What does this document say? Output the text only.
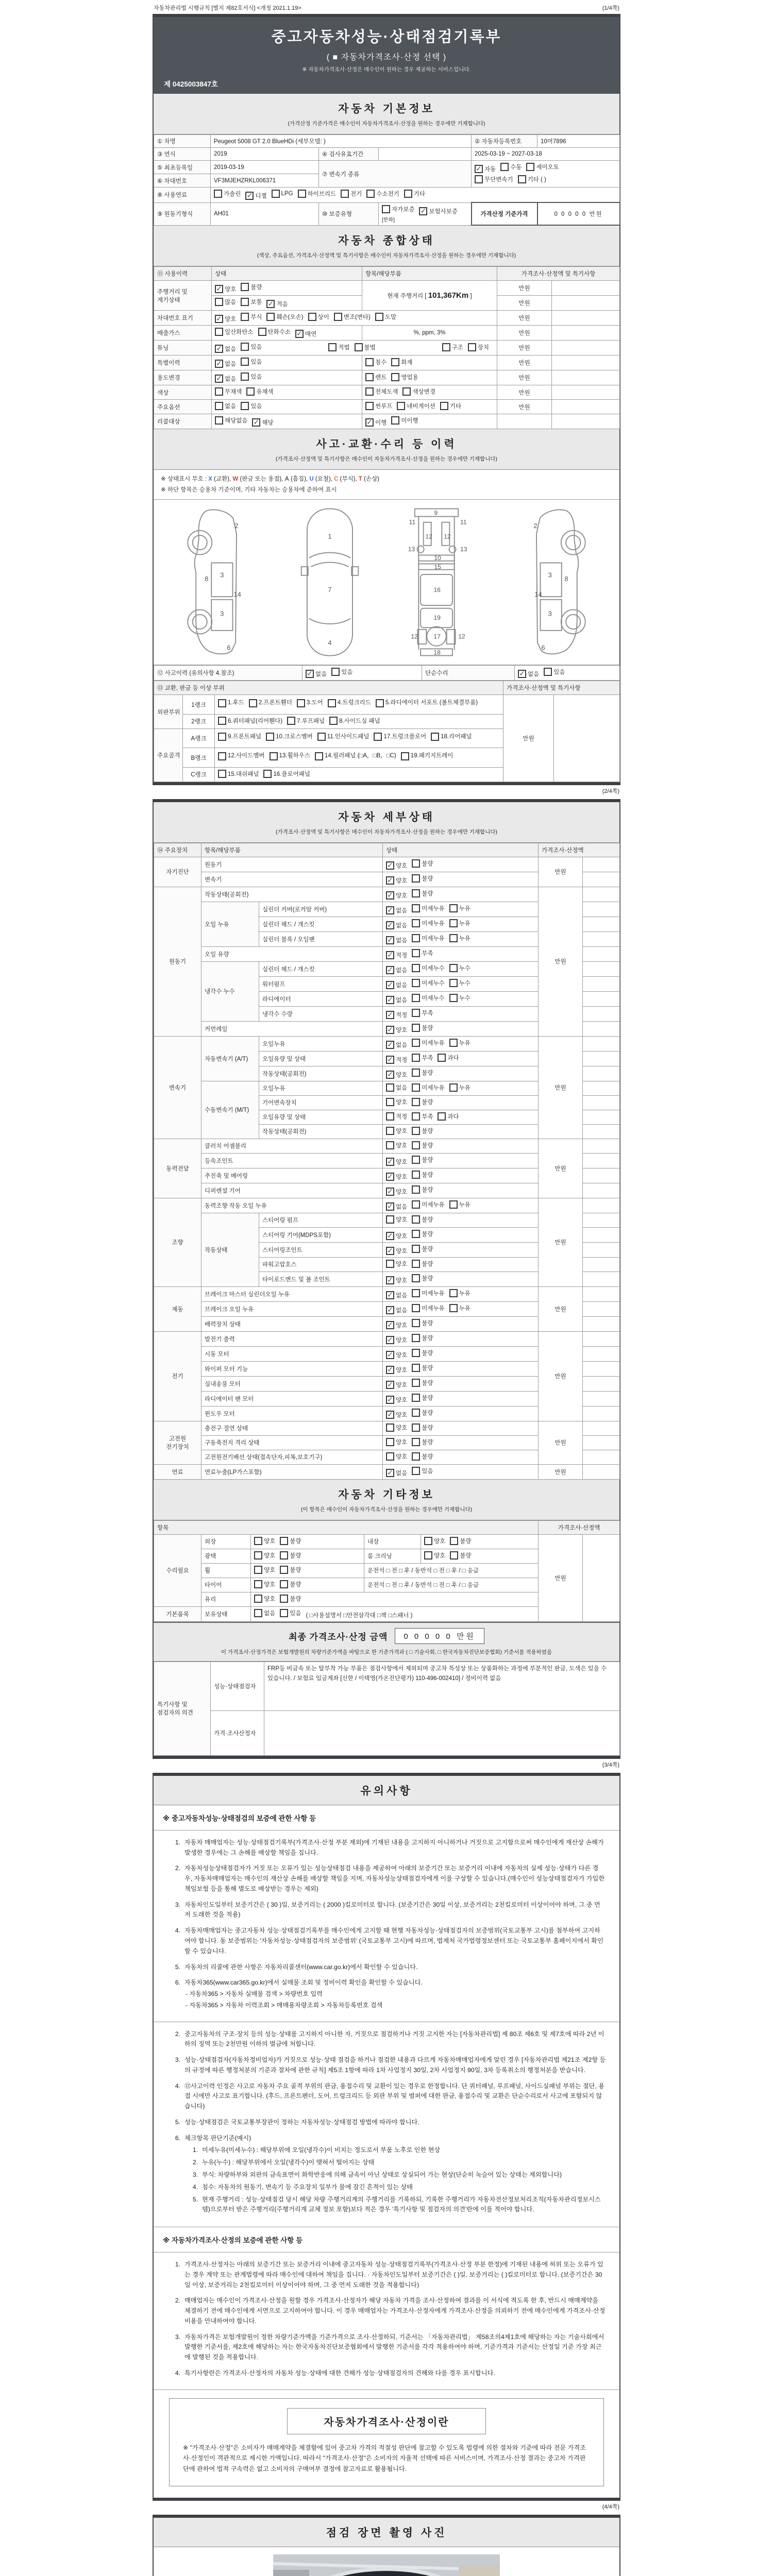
자동차관리법 시행규칙 [별지 제82호서식] <개정 2021.1.19>	(1/4쪽)
중고자동차성능·상태점검기록부
( ■ 자동차가격조사·산정 선택 )
※ 자동차가격조사·산정은 매수인이 원하는 경우 제공하는 서비스입니다.
제 0425003847호
자동차 기본정보
(가격산정 기준가격은 매수인이 자동차가격조사·산정을 원하는 경우에만 기재합니다)
① 차명	Peugeot 5008 GT 2.0 BlueHDi (세부모델: )			② 자동차등록번호	10머7896
③ 연식	2019	④ 검사유효기간		2025-03-19 ~ 2027-03-18	
⑤ 최초등록일	2019-03-19	⑦ 변속기 종류	
✓ 자동 수동 세미오토
무단변속기 기타 ( )

⑥ 차대번호	VF3MJEHZRKL006371				
⑧ 사용연료	가솔린 ✓ 디젤 LPG 하이브리드 전기 수소전기 기타

⑨ 원동기형식	AH01	⑩ 보증유형	자가보증 ✓ 보험사보증
[한화]	가격산정 기준가격	0 0 0 0 0 만원
자동차 종합상태
(색상, 주요옵션, 가격조사·산정액 및 특기사항은 매수인이 자동차가격조사·산정을 원하는 경우에만 기재합니다)
⑪ 사용이력	상태	항목/해당부품	가격조사·산정액 및 특기사항	
주행거리 및 계기상태	✓ 양호 불량	현재 주행거리 [ 101,367Km ]	만원	

	많음 보통 ✓ 적음		만원	
차대번호 표기	✓ 양호 부식 훼손(오손) 상이 변조(변타) 도말	만원	
배출가스	일산화탄소 탄화수소 ✓ 매연	%, ppm, 3%	만원	
튜닝	✓ 없음 있음	적법 불법	구조 장치	만원	
특별이력	✓ 없음 있음	침수 화재	만원	
용도변경	✓ 없음 있음	렌트 영업용	만원	
색상	무채색 유채색	전체도색 색상변경	만원	
주요옵션	없음 있음	썬루프 네비게이션 기타	만원	
리콜대상	해당없음 ✓ 해당	✓ 이행 미이행		

사고·교환·수리 등 이력
(가격조사·산정액 및 특기사항은 매수인이 자동차가격조사·산정을 원하는 경우에만 기재합니다)
※ 상태표시 부호 : X (교환), W (판금 또는 용접), A (흠집), U (요철), C (부식), T (손상)
※ 하단 항목은 승용차 기준이며, 기타 자동차는 승용차에 준하여 표시
2
8 3
14
3
6
1
7
4
9
11	11
13	13
12 12
10
15
16
19
17
12	12
18
2
8
3
14
3
6
⑫ 사고이력 (유의사항 4.참조)	✓ 없음 있음	단순수리	✓ 없음 있음
⑬ 교환, 판금 등 이상 부위			가격조사·산정액 및 특기사항	
외판부위	1랭크	1.후드 2.프론트휀더 3.도어 4.트렁크리드 5.라디에이터 서포트 (볼트체결부품)	만원	
	2랭크	6.쿼터패널(리어휀다) 7.루프패널 8.사이드실 패널		

주요골격	A랭크	9.프론트패널 10.크로스멤버 11.인사이드패널 17.트렁크플로어 18.리어패널		

	B랭크	12.사이드멤버 13.휠하우스 14.필러패널 (□A，□B，□C) 19.패키지트레이		

	C랭크	15.대쉬패널 16.플로어패널		
(2/4쪽)
자동차 세부상태
(가격조사·산정액 및 특기사항은 매수인이 자동차가격조사·산정을 원하는 경우에만 기재합니다)
⑭ 주요장치	항목/해당부품		상태	가격조사·산정액	
자기진단	원동기		✓ 양호 불량	만원	
	변속기		✓ 양호 불량		

원동기	작동상태(공회전)		✓ 양호 불량	만원	
	오일 누유	실린더 커버(로커암 커버)	✓ 없음 미세누유 누유		

		실린더 헤드 / 개스킷	✓ 없음 미세누유 누유		

		실린더 블록 / 오일팬	✓ 없음 미세누유 누유		

	오일 유량		✓ 적정 부족		

	냉각수 누수	실린더 헤드 / 개스킷	✓ 없음 미세누수 누수		

		워터펌프	✓ 없음 미세누수 누수		

		라디에이터	✓ 없음 미세누수 누수		

		냉각수 수량	✓ 적정 부족		

	커먼레일		✓ 양호 불량		

변속기	자동변속기 (A/T)	오일누유	✓ 없음 미세누유 누유	만원	
		오일유량 및 상태	✓ 적정 부족 과다		

		작동상태(공회전)	✓ 양호 불량		

	수동변속기 (M/T)	오일누유	없음 미세누유 누유		

		기어변속장치	양호 불량		

		오일유량 및 상태	적정 부족 과다		

		작동상태(공회전)	양호 불량		

동력전달	클러치 어셈블리		양호 불량	만원	
	등속조인트		✓ 양호 불량		

	추진축 및 베어링		✓ 양호 불량		

	디퍼렌셜 기어		✓ 양호 불량		

조향	동력조향 작동 오일 누유		✓ 없음 미세누유 누유	만원	
	작동상태	스티어링 펌프	양호 불량		

		스티어링 기어(MDPS포함)	✓ 양호 불량		

		스티어링조인트	✓ 양호 불량		

		파워고압호스	양호 불량		

		타이로드엔드 및 볼 조인트	✓ 양호 불량		

제동	브레이크 마스터 실린더오일 누유		✓ 없음 미세누유 누유	만원	
	브레이크 오일 누유		✓ 없음 미세누유 누유		

	배력장치 상태		✓ 양호 불량		

전기	발전기 출력		✓ 양호 불량	만원	
	시동 모터		✓ 양호 불량		

	와이퍼 모터 기능		✓ 양호 불량		

	실내송풍 모터		✓ 양호 불량		

	라디에이터 팬 모터		✓ 양호 불량		

	윈도우 모터		✓ 양호 불량		

고전원 전기장치	충전구 절연 상태		양호 불량	만원	
	구동축전지 격리 상태		양호 불량		

	고전원전기배선 상태(접속단자,피복,보호기구)		양호 불량		

연료	연료누출(LP가스포함)		✓ 없음 있음	만원	
자동차 기타정보
(이 항목은 매수인이 자동차가격조사·산정을 원하는 경우에만 기재합니다)
항목					가격조사·산정액	
수리필요	외장	양호 불량	내장	양호 불량	만원	
	광택	양호 불량	룸 크리닝	양호 불량		

	휠	양호 불량	운전석 □ 전 □ 후 / 동반석 □ 전 □ 후 / □ 응급			
	타이어	양호 불량	운전석 □ 전 □ 후 / 동반석 □ 전 □ 후 / □ 응급			
	유리	양호 불량				

기본품목	보유상태	없음 있음 ( □사용설명서 □안전삼각대 □잭 □스패너 )				
최종 가격조사·산정 금액	0 0 0 0 0 만원
이 가격조사·산정가격은 보험개발원의 차량기준가액을 바탕으로 한 기준가격과 ( □ 기술사회, □ 한국자동차진단보증협회) 기준서를 적용하였음
특기사항 및 점검자의 의견	성능·상태점검자	FRP등 비금속 또는 탈부착 가능 부품은 점검사항에서 제외되며 중고차 특성상 또는 상품화하는 과정에 부분적인 판금, 도색은 있을 수 있습니다. / 보험료 입금계좌 [신한 / 이택영(가온진단평가) 110-496-002410] / 정비이력 없음
	가격·조사산정자	
(3/4쪽)
유의사항
※ 중고자동차성능·상태점검의 보증에 관한 사항 등
1. 자동차 매매업자는 성능·상태점검기록부(가격조사·산정 부분 제외)에 기재된 내용을 고지하지 아니하거나 거짓으로 고지함으로써 매수인에게 재산상 손해가 발생한 경우에는 그 손해를 배상할 책임을 집니다.
2. 자동차성능상태점검자가 거짓 또는 오류가 있는 성능상태점검 내용을 제공하여 아래의 보증기간 또는 보증거리 이내에 자동차의 실제 성능·상태가 다른 경우, 자동차매매업자는 매수인의 재산상 손해를 배상할 책임을 지며, 자동차성능상태점검자에게 이를 구상할 수 있습니다.(매수인이 성능상태점검자가 가입한 책임보험 등을 통해 별도로 배상받는 경우는 제외)
3. 자동차인도일부터 보증기간은 ( 30 )일, 보증거리는 ( 2000 )킬로미터로 합니다. (보증기간은 30일 이상, 보증거리는 2천킬로미터 이상이어야 하며, 그 중 먼저 도래한 것을 적용)
4. 자동차매매업자는 중고자동차 성능·상태점검기록부를 매수인에게 고지할 때 현행 자동차성능·상태점검자의 보증범위(국토교통부 고시)를 첨부하여 고지하여야 합니다. 동 보증범위는 '자동차성능·상태점검자의 보증범위' (국토교통부 고시)에 따르며, 법제처 국가법령정보센터 또는 국토교통부 홈페이지에서 확인할 수 있습니다.
5. 자동차의 리콜에 관한 사항은 자동차리콜센터(www.car.go.kr)에서 확인할 수 있습니다.
6. 자동차365(www.car365.go.kr)에서 실매물 조회 및 정비이력 확인을 확인할 수 있습니다.
- 자동차365 > 자동차 실매물 검색 > 차량번호 입력
- 자동차365 > 자동차 이력조회 > 매매용차량조회 > 자동차등록번호 검색
2. 중고자동차의 구조·장치 등의 성능·상태를 고지하지 아니한 자, 거짓으로 점검하거나 거짓 고지한 자는 [자동차관리법] 제 80조 제6호 및 제7호에 따라 2년 이하의 징역 또는 2천만원 이하의 벌금에 처합니다.
3. 성능·상태점검자(자동차정비업자)가 거짓으로 성능·상태 점검을 하거나 점검한 내용과 다르게 자동차매매업자에게 알린 경우 [자동차관리법 제21조 제2항 등의 규정에 따른 행정처분의 기준과 절차에 관한 규칙] 제5조 1항에 따라 1차 사업정지 30일, 2차 사업정지 90일, 3차 등록취소의 행정처분을 받습니다.
4. ⑫사고이력 인정은 사고로 자동차 주요 골격 부위의 판금, 용접수리 및 교환이 있는 경우로 한정합니다. 단 쿼터패널, 루프패널, 사이드실패널 부위는 절단, 용접 시에만 사고로 표기합니다. (후드, 프론트펜더, 도어, 트렁크리드 등 외판 부위 및 범퍼에 대한 판금, 용접수리 및 교환은 단순수리로서 사고에 포함되지 않습니다)
5. 성능·상태점검은 국토교통부장관이 정하는 자동차성능·상태점검 방법에 따라야 합니다.
6. 체크항목 판단기준(예시)
1. 미세누유(미세누수) : 해당부위에 오일(냉각수)이 비치는 정도로서 부품 노후로 인한 현상
2. 누유(누수) : 해당부위에서 오일(냉각수)이 맺혀서 떨어지는 상태
3. 부식: 차량하부와 외판의 금속표면이 화학반응에 의해 금속이 아닌 상태로 상실되어 가는 현상(단순히 녹슬어 있는 상태는 제외합니다)
4. 침수: 자동차의 원동기, 변속기 등 주요장치 일부가 물에 잠긴 흔적이 있는 상태
5. 현재 주행거리 : 성능·상태점검 당시 해당 차량 주행거리계의 주행거리를 기록하되, 기록한 주행거리가 자동차전산정보처리조직(자동차관리정보시스템)으로부터 받은 주행거리(주행거리계 교체 정보 포함)보다 적은 경우 '특기사항 및 점검자의 의견'란에 이를 적어야 합니다.
※ 자동차가격조사·산정의 보증에 관한 사항 등
1. 가격조사·산정자는 아래의 보증기간 또는 보증거리 이내에 중고자동차 성능·상태점검기록부(가격조사·산정 부분 한정)에 기재된 내용에 허위 또는 오류가 있는 경우 계약 또는 관계법령에 따라 매수인에 대하여 책임을 집니다. · 자동차인도일부터 보증기간은 ( )일, 보증거리는 ( )킬로미터로 합니다. (보증기간은 30일 이상, 보증거리는 2천킬로미터 이상이어야 하며, 그 중 먼저 도래한 것을 적용합니다)
2. 매매업자는 매수인이 가격조사·산정을 원할 경우 가격조사·산정자가 해당 자동차 가격을 조사·산정하여 결과를 이 서식에 적도록 한 후, 반드시 매매계약을 체결하기 전에 매수인에게 서면으로 고지하여야 합니다. 이 경우 매매업자는 가격조사·산정자에게 가격조사·산정을 의뢰하기 전에 매수인에게 가격조사·산정 비용을 안내하여야 합니다.
3. 자동차가격은 보험개발원이 정한 차량기준가액을 기준가격으로 조사·산정하되, 기준서는 「자동차관리법」 제58조의4제1호에 해당하는 자는 기술사회에서 발행한 기준서를, 제2호에 해당하는 자는 한국자동차진단보증협회에서 발행한 기준서를 각각 적용하여야 하며, 기준가격과 기준서는 산정일 기준 가장 최근에 발행된 것을 적용합니다.
4. 특기사항란은 가격조사·산정자의 자동차 성능·상태에 대한 견해가 성능·상태점검자의 견해와 다를 경우 표시합니다.
자동차가격조사·산정이란
※ "가격조사·산정"은 소비자가 매매계약을 체결함에 있어 중고차 가격의 적절성 판단에 참고할 수 있도록 법령에 의한 절차와 기준에 따라 전문 가격조사·산정인이 객관적으로 제시한 가액입니다. 따라서 "가격조사·산정"은 소비자의 자율적 선택에 따른 서비스이며, 가격조사·산정 결과는 중고차 가격판단에 관하여 법적 구속력은 없고 소비자의 구매여부 결정에 참고자료로 활용됩니다.
(4/4쪽)
점검 장면 촬영 사진
